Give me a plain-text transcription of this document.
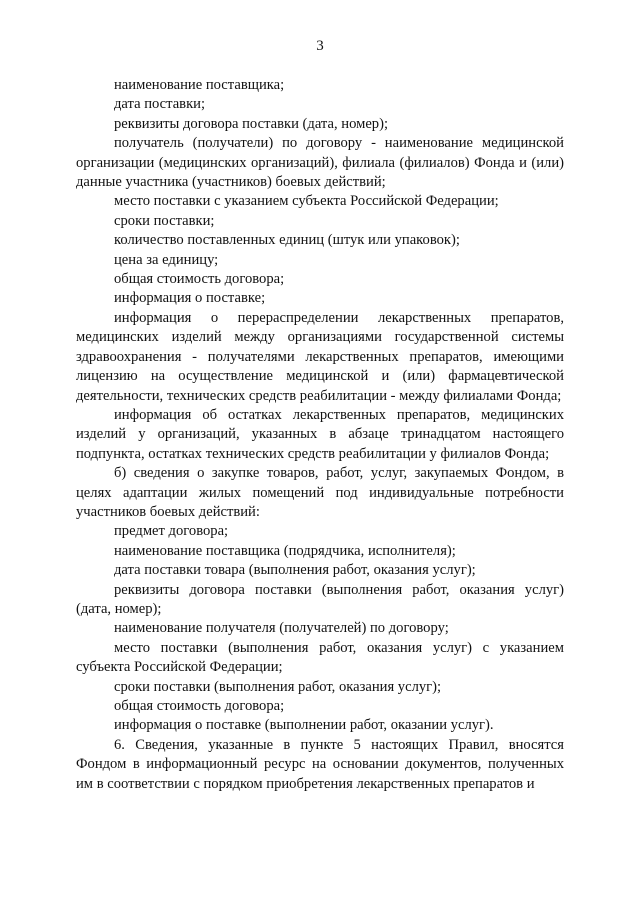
3

наименование поставщика;

дата поставки;

реквизиты договора поставки (дата, номер);

получатель (получатели) по договору - наименование медицинской организации (медицинских организаций), филиала (филиалов) Фонда и (или) данные участника (участников) боевых действий;

место поставки с указанием субъекта Российской Федерации;

сроки поставки;

количество поставленных единиц (штук или упаковок);

цена за единицу;

общая стоимость договора;

информация о поставке;

информация о перераспределении лекарственных препаратов, медицинских изделий между организациями государственной системы здравоохранения - получателями лекарственных препаратов, имеющими лицензию на осуществление медицинской и (или) фармацевтической деятельности, технических средств реабилитации - между филиалами Фонда;

информация об остатках лекарственных препаратов, медицинских изделий у организаций, указанных в абзаце тринадцатом настоящего подпункта, остатках технических средств реабилитации у филиалов Фонда;

б) сведения о закупке товаров, работ, услуг, закупаемых Фондом, в целях адаптации жилых помещений под индивидуальные потребности участников боевых действий:

предмет договора;

наименование поставщика (подрядчика, исполнителя);

дата поставки товара (выполнения работ, оказания услуг);

реквизиты договора поставки (выполнения работ, оказания услуг) (дата, номер);

наименование получателя (получателей) по договору;

место поставки (выполнения работ, оказания услуг) с указанием субъекта Российской Федерации;

сроки поставки (выполнения работ, оказания услуг);

общая стоимость договора;

информация о поставке (выполнении работ, оказании услуг).

6. Сведения, указанные в пункте 5 настоящих Правил, вносятся Фондом в информационный ресурс на основании документов, полученных им в соответствии с порядком приобретения лекарственных препаратов и
